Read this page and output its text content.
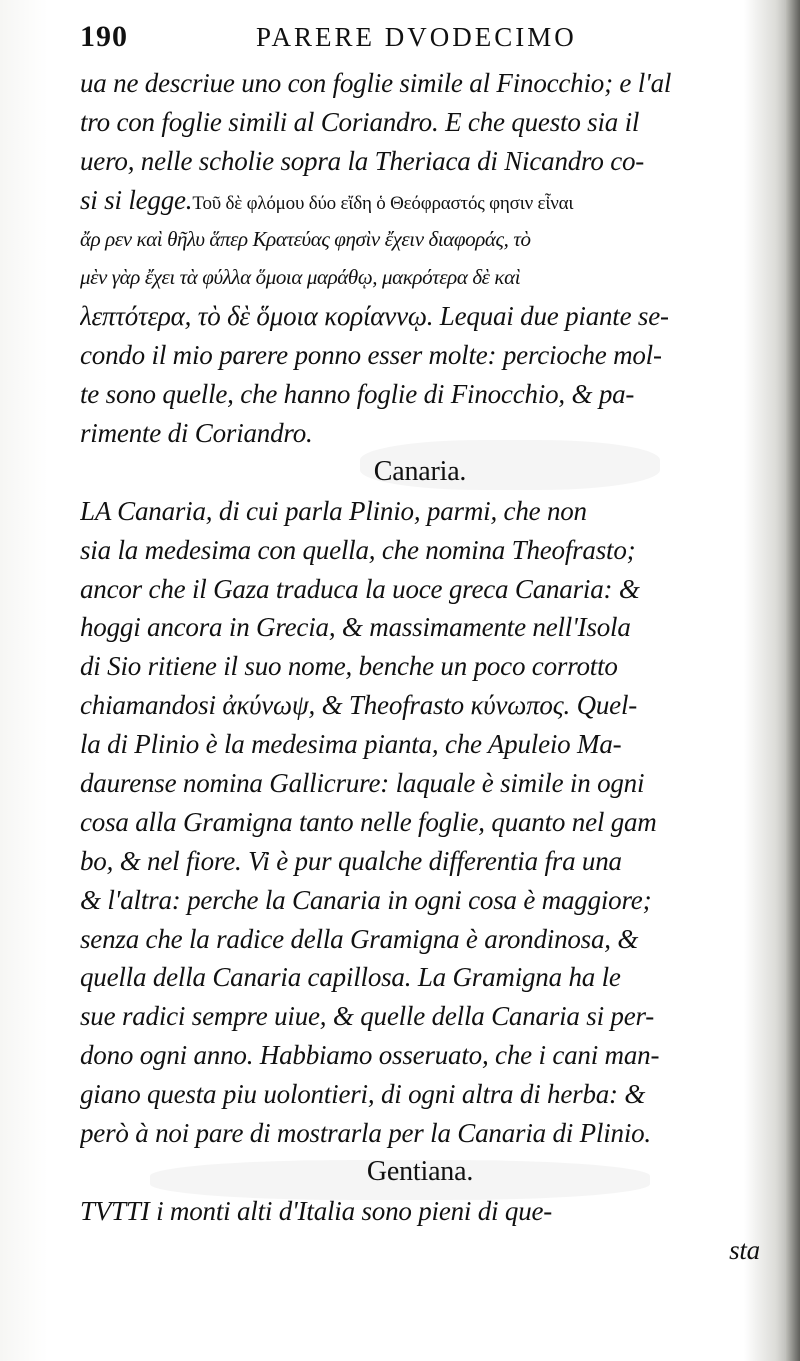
190	PARERE DVODECIMO
ua ne descriue uno con foglie simile al Finocchio; e l'al
tro con foglie simili al Coriandro. E che questo sia il
uero, nelle scholie sopra la Theriaca di Nicandro co-
si si legge.Τοῦ δὲ φλόμου δύο εἴδη ὁ Θεόφραστός φησιν εἶναι
ἄρ ρεν καὶ θῆλυ ἅπερ Κρατεύας φησὶν ἔχειν διαφοράς, τὸ
μὲν γὰρ ἔχει τὰ φύλλα ὅμοια μαράθῳ, μακρότερα δὲ καὶ
λεπτότερα, τὸ δὲ ὅμοια κορίαννῳ. Lequai due piante se-
condo il mio parere ponno esser molte: percioche mol-
te sono quelle, che hanno foglie di Finocchio, & pa-
rimente di Coriandro.
Canaria.
LA Canaria, di cui parla Plinio, parmi, che non
sia la medesima con quella, che nomina Theofrasto;
ancor che il Gaza traduca la uoce greca Canaria: &
hoggi ancora in Grecia, & massimamente nell'Isola
di Sio ritiene il suo nome, benche un poco corrotto
chiamandosi ἀκύνωψ, & Theofrasto κύνωπος. Quel-
la di Plinio è la medesima pianta, che Apuleio Ma-
daurense nomina Gallicrure: laquale è simile in ogni
cosa alla Gramigna tanto nelle foglie, quanto nel gam
bo, & nel fiore. Vi è pur qualche differentia fra una
& l'altra: perche la Canaria in ogni cosa è maggiore;
senza che la radice della Gramigna è arondinosa, &
quella della Canaria capillosa. La Gramigna ha le
sue radici sempre uiue, & quelle della Canaria si per-
dono ogni anno. Habbiamo osseruato, che i cani man-
giano questa piu uolontieri, di ogni altra di herba: &
però à noi pare di mostrarla per la Canaria di Plinio.
Gentiana.
TVTTI i monti alti d'Italia sono pieni di que-
sta
